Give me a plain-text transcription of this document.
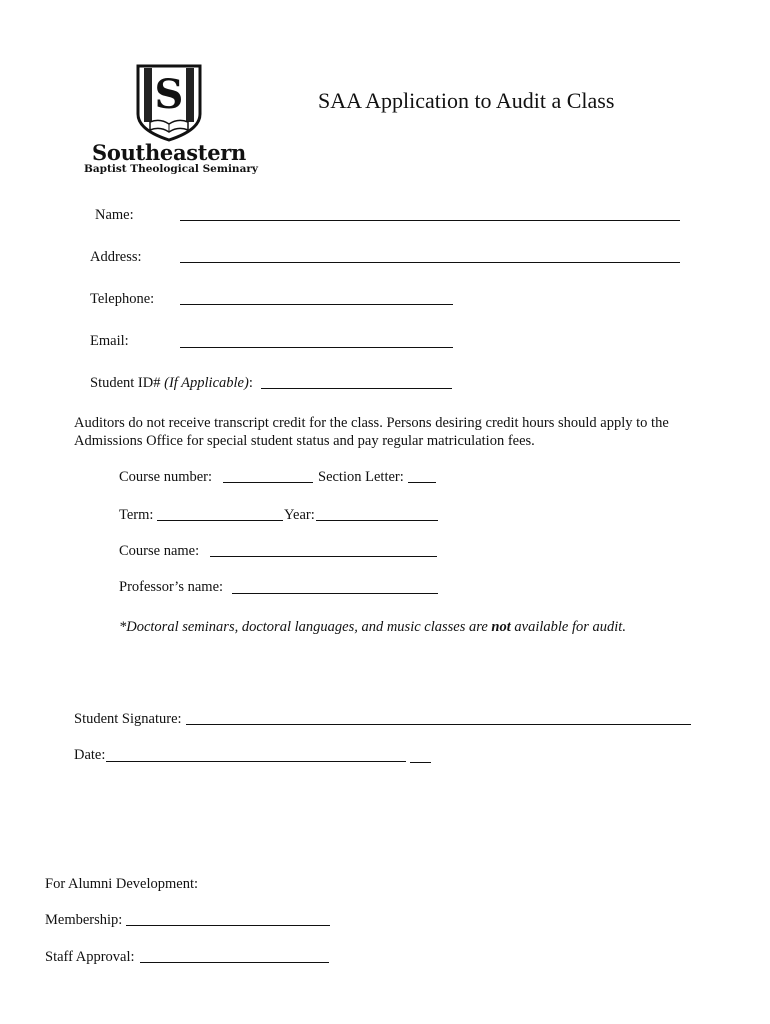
S
Southeastern
Baptist Theological Seminary
SAA Application to Audit a Class
Name:
Address:
Telephone:
Email:
Student ID# (If Applicable):
Auditors do not receive transcript credit for the class. Persons desiring credit hours should apply to the
Admissions Office for special student status and pay regular matriculation fees.
Course number:	Section Letter:
Term:	Year:
Course name:
Professor’s name:
*Doctoral seminars, doctoral languages, and music classes are not available for audit.
Student Signature:
Date:
For Alumni Development:
Membership:
Staff Approval:
